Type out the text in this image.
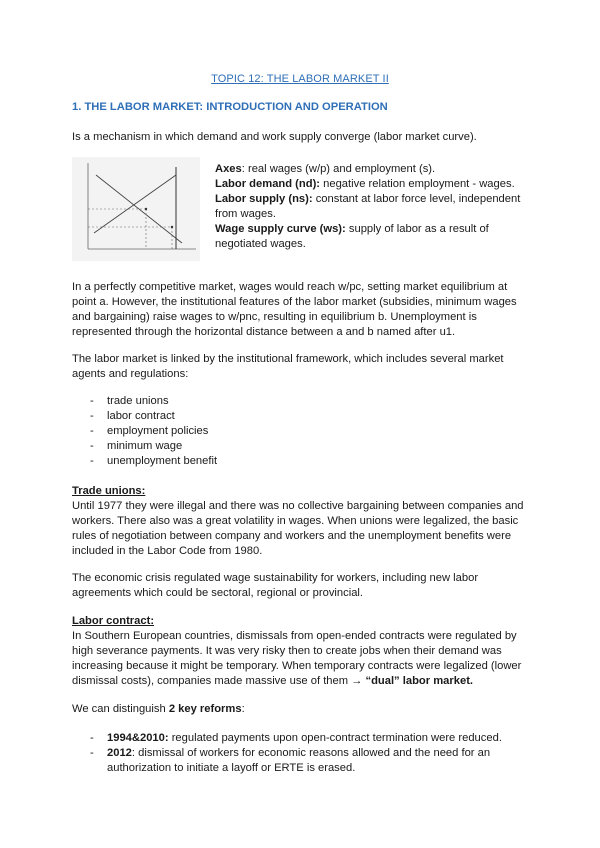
TOPIC 12: THE LABOR MARKET II
1. THE LABOR MARKET: INTRODUCTION AND OPERATION

Is a mechanism in which demand and work supply converge (labor market curve).

Axes: real wages (w/p) and employment (s).

Labor demand (nd): negative relation employment - wages.

Labor supply (ns): constant at labor force level, independent from wages.

Wage supply curve (ws): supply of labor as a result of negotiated wages.

In a perfectly competitive market, wages would reach w/pc, setting market equilibrium at point a. However, the institutional features of the labor market (subsidies, minimum wages and bargaining) raise wages to w/pnc, resulting in equilibrium b. Unemployment is represented through the horizontal distance between a and b named after u1.

The labor market is linked by the institutional framework, which includes several market agents and regulations:

- trade unions
- labor contract
- employment policies
- minimum wage
- unemployment benefit
Trade unions:

Until 1977 they were illegal and there was no collective bargaining between companies and workers. There also was a great volatility in wages. When unions were legalized, the basic rules of negotiation between company and workers and the unemployment benefits were included in the Labor Code from 1980.

The economic crisis regulated wage sustainability for workers, including new labor agreements which could be sectoral, regional or provincial.

Labor contract:

In Southern European countries, dismissals from open-ended contracts were regulated by high severance payments. It was very risky then to create jobs when their demand was increasing because it might be temporary. When temporary contracts were legalized (lower dismissal costs), companies made massive use of them → “dual” labor market.

We can distinguish 2 key reforms:

- 1994&2010: regulated payments upon open-contract termination were reduced.
- 2012: dismissal of workers for economic reasons allowed and the need for an authorization to initiate a layoff or ERTE is erased.
